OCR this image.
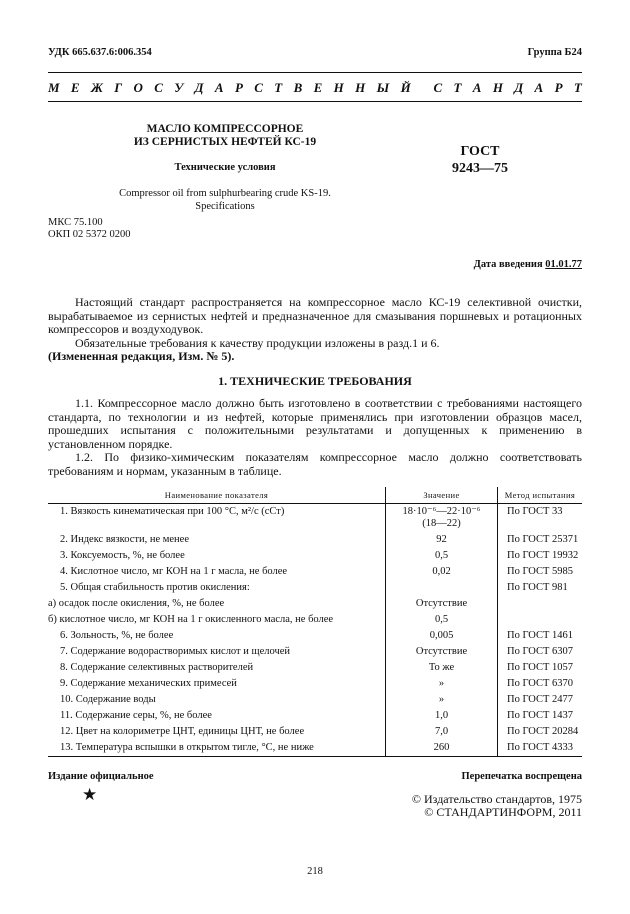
УДК 665.637.6:006.354	Группа Б24
М Е Ж Г О С У Д А Р С Т В Е Н Н Ы Й С Т А Н Д А Р Т
МАСЛО КОМПРЕССОРНОЕ
ИЗ СЕРНИСТЫХ НЕФТЕЙ КС-19
Технические условия
Compressor oil from sulphurbearing crude KS-19.
Specifications
ГОСТ
9243—75
МКС 75.100
ОКП 02 5372 0200
Дата введения 01.01.77

Настоящий стандарт распространяется на компрессорное масло КС-19 селективной очистки, вырабатываемое из сернистых нефтей и предназначенное для смазывания поршневых и ротационных компрессоров и воздуходувок.

Обязательные требования к качеству продукции изложены в разд.1 и 6.

(Измененная редакция, Изм. № 5).

1. ТЕХНИЧЕСКИЕ ТРЕБОВАНИЯ

1.1. Компрессорное масло должно быть изготовлено в соответствии с требованиями настоящего стандарта, по технологии и из нефтей, которые применялись при изготовлении образцов масел, прошедших испытания с положительными результатами и допущенных к применению в установленном порядке.

1.2. По физико-химическим показателям компрессорное масло должно соответствовать требованиям и нормам, указанным в таблице.

Наименование показателя	Значение	Метод испытания
1. Вязкость кинематическая при 100 °С, м²/с (сСт)	18·10⁻⁶—22·10⁻⁶
(18—22)	По ГОСТ 33
2. Индекс вязкости, не менее	92	По ГОСТ 25371
3. Коксуемость, %, не более	0,5	По ГОСТ 19932
4. Кислотное число, мг КОН на 1 г масла, не более	0,02	По ГОСТ 5985
5. Общая стабильность против окисления:		По ГОСТ 981
а) осадок после окисления, %, не более	Отсутствие	

б) кислотное число, мг КОН на 1 г окисленного масла, не более	0,5	

6. Зольность, %, не более	0,005	По ГОСТ 1461
7. Содержание водорастворимых кислот и щелочей	Отсутствие	По ГОСТ 6307
8. Содержание селективных растворителей	То же	По ГОСТ 1057
9. Содержание механических примесей	»	По ГОСТ 6370
10. Содержание воды	»	По ГОСТ 2477
11. Содержание серы, %, не более	1,0	По ГОСТ 1437
12. Цвет на колориметре ЦНТ, единицы ЦНТ, не более	7,0	По ГОСТ 20284
13. Температура вспышки в открытом тигле, °С, не ниже	260	По ГОСТ 4333
Издание официальное	Перепечатка воспрещена
★	© Издательство стандартов, 1975
© СТАНДАРТИНФОРМ, 2011
218
